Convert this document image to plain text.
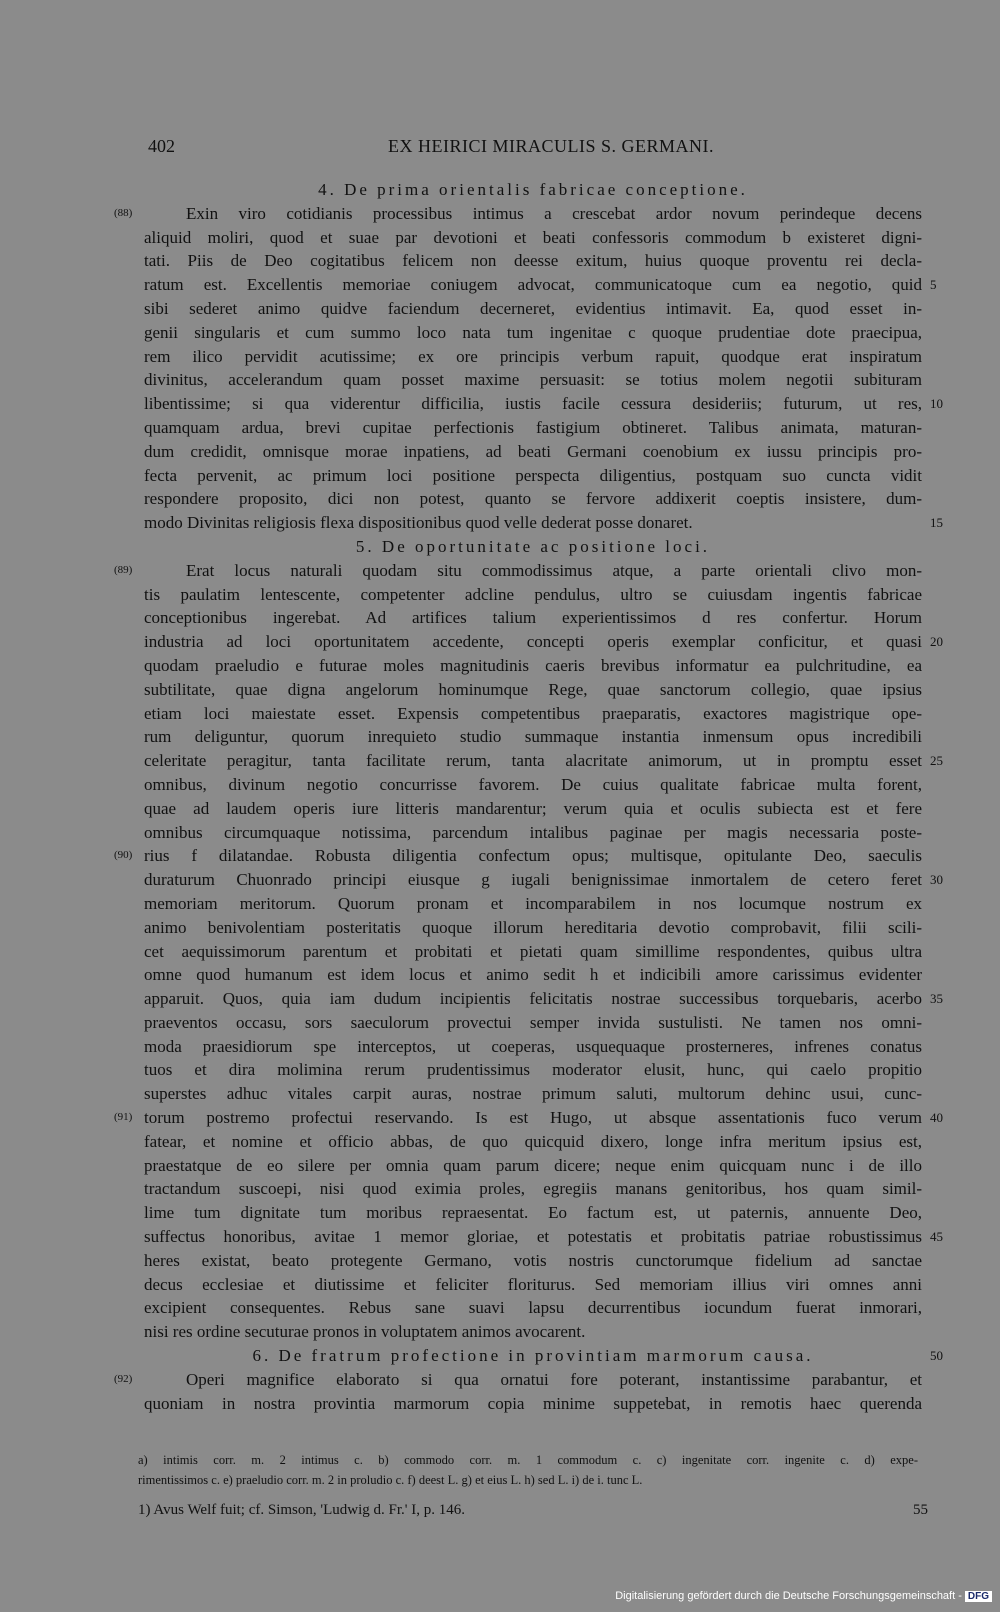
402	EX HEIRICI MIRACULIS S. GERMANI.
4. De prima orientalis fabricae conceptione.
(88)	Exin viro cotidianis processibus intimus a crescebat ardor novum perindeque decens
aliquid moliri, quod et suae par devotioni et beati confessoris commodum b existeret digni-
tati. Piis de Deo cogitatibus felicem non deesse exitum, huius quoque proventu rei decla-
ratum est. Excellentis memoriae coniugem advocat, communicatoque cum ea negotio, quid 5
sibi sederet animo quidve faciendum decerneret, evidentius intimavit. Ea, quod esset in-
genii singularis et cum summo loco nata tum ingenitae c quoque prudentiae dote praecipua,
rem ilico pervidit acutissime; ex ore principis verbum rapuit, quodque erat inspiratum
divinitus, accelerandum quam posset maxime persuasit: se totius molem negotii subituram
libentissime; si qua viderentur difficilia, iustis facile cessura desideriis; futurum, ut res, 10
quamquam ardua, brevi cupitae perfectionis fastigium obtineret. Talibus animata, maturan-
dum credidit, omnisque morae inpatiens, ad beati Germani coenobium ex iussu principis pro-
fecta pervenit, ac primum loci positione perspecta diligentius, postquam suo cuncta vidit
respondere proposito, dici non potest, quanto se fervore addixerit coeptis insistere, dum-
modo Divinitas religiosis flexa dispositionibus quod velle dederat posse donaret.	15
5. De oportunitate ac positione loci.
(89)	Erat locus naturali quodam situ commodissimus atque, a parte orientali clivo mon-
tis paulatim lentescente, competenter adcline pendulus, ultro se cuiusdam ingentis fabricae
conceptionibus ingerebat. Ad artifices talium experientissimos d res confertur. Horum
industria ad loci oportunitatem accedente, concepti operis exemplar conficitur, et quasi 20
quodam praeludio e futurae moles magnitudinis caeris brevibus informatur ea pulchritudine, ea
subtilitate, quae digna angelorum hominumque Rege, quae sanctorum collegio, quae ipsius
etiam loci maiestate esset. Expensis competentibus praeparatis, exactores magistrique ope-
rum deliguntur, quorum inrequieto studio summaque instantia inmensum opus incredibili
celeritate peragitur, tanta facilitate rerum, tanta alacritate animorum, ut in promptu esset 25
omnibus, divinum negotio concurrisse favorem. De cuius qualitate fabricae multa forent,
quae ad laudem operis iure litteris mandarentur; verum quia et oculis subiecta est et fere
omnibus circumquaque notissima, parcendum intalibus paginae per magis necessaria poste-
(90) rius f dilatandae. Robusta diligentia confectum opus; multisque, opitulante Deo, saeculis
duraturum Chuonrado principi eiusque g iugali benignissimae inmortalem de cetero feret 30
memoriam meritorum. Quorum pronam et incomparabilem in nos locumque nostrum ex
animo benivolentiam posteritatis quoque illorum hereditaria devotio comprobavit, filii scili-
cet aequissimorum parentum et probitati et pietati quam simillime respondentes, quibus ultra
omne quod humanum est idem locus et animo sedit h et indicibili amore carissimus evidenter
apparuit. Quos, quia iam dudum incipientis felicitatis nostrae successibus torquebaris, acerbo 35
praeventos occasu, sors saeculorum provectui semper invida sustulisti. Ne tamen nos omni-
moda praesidiorum spe interceptos, ut coeperas, usquequaque prosterneres, infrenes conatus
tuos et dira molimina rerum prudentissimus moderator elusit, hunc, qui caelo propitio
superstes adhuc vitales carpit auras, nostrae primum saluti, multorum dehinc usui, cunc-
(91) torum postremo profectui reservando. Is est Hugo, ut absque assentationis fuco verum 40
fatear, et nomine et officio abbas, de quo quicquid dixero, longe infra meritum ipsius est,
praestatque de eo silere per omnia quam parum dicere; neque enim quicquam nunc i de illo
tractandum suscoepi, nisi quod eximia proles, egregiis manans genitoribus, hos quam simil-
lime tum dignitate tum moribus repraesentat. Eo factum est, ut paternis, annuente Deo,
suffectus honoribus, avitae 1 memor gloriae, et potestatis et probitatis patriae robustissimus 45
heres existat, beato protegente Germano, votis nostris cunctorumque fidelium ad sanctae
decus ecclesiae et diutissime et feliciter floriturus. Sed memoriam illius viri omnes anni
excipient consequentes. Rebus sane suavi lapsu decurrentibus iocundum fuerat inmorari,
nisi res ordine secuturae pronos in voluptatem animos avocarent.
6. De fratrum profectione in provintiam marmorum causa.	50
(92)	Operi magnifice elaborato si qua ornatui fore poterant, instantissime parabantur, et
quoniam in nostra provintia marmorum copia minime suppetebat, in remotis haec querenda
a) intimis corr. m. 2 intimus c. b) commodo corr. m. 1 commodum c. c) ingenitate corr. ingenite c. d) expe-
rimentissimos c. e) praeludio corr. m. 2 in proludio c. f) deest L. g) et eius L. h) sed L. i) de i. tunc L.
1) Avus Welf fuit; cf. Simson, 'Ludwig d. Fr.' I, p. 146.	55
Digitalisierung gefördert durch die Deutsche Forschungsgemeinschaft - DFG
